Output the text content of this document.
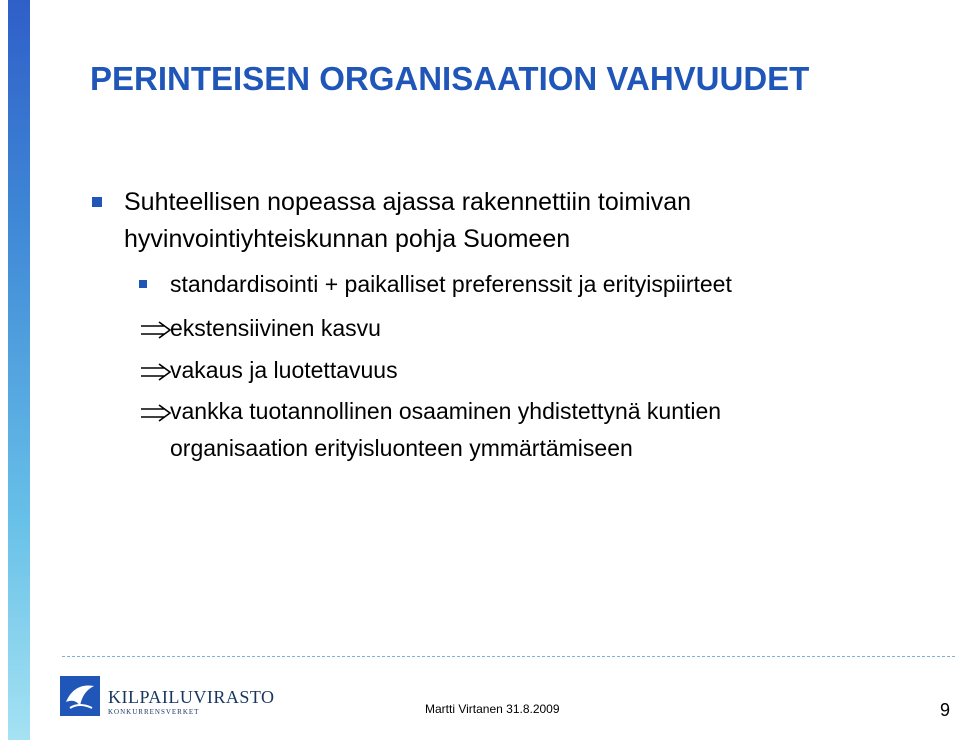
PERINTEISEN ORGANISAATION VAHVUUDET
Suhteellisen nopeassa ajassa rakennettiin toimivan
hyvinvointiyhteiskunnan pohja Suomeen
standardisointi + paikalliset preferenssit ja erityispiirteet
ekstensiivinen kasvu
vakaus ja luotettavuus
vankka tuotannollinen osaaminen yhdistettynä kuntien
organisaation erityisluonteen ymmärtämiseen
KILPAILUVIRASTO
KONKURRENSVERKET	Martti Virtanen 31.8.2009	9
